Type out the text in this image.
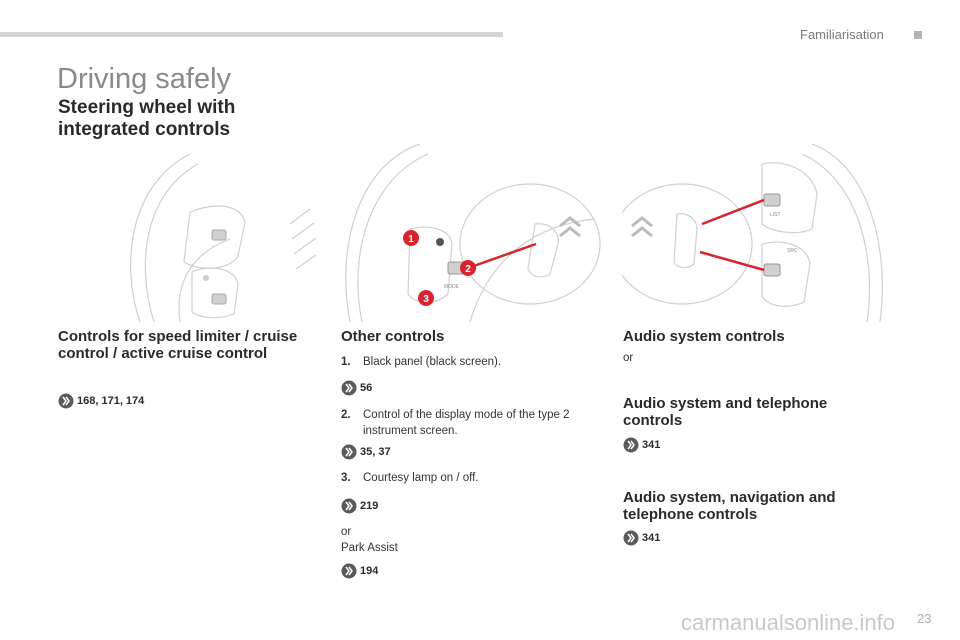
Familiarisation
Driving safely
Steering wheel with integrated controls
MODE
1
2
3
LIST
SRC
Controls for speed limiter / cruise control / active cruise control
168, 171, 174
Other controls
1.	Black panel (black screen).
56
2.	Control of the display mode of the type 2 instrument screen.
35, 37
3.	Courtesy lamp on / off.
219
or
Park Assist
194
Audio system controls
or
Audio system and telephone controls
341
Audio system, navigation and telephone controls
341
carmanualsonline.info 23
